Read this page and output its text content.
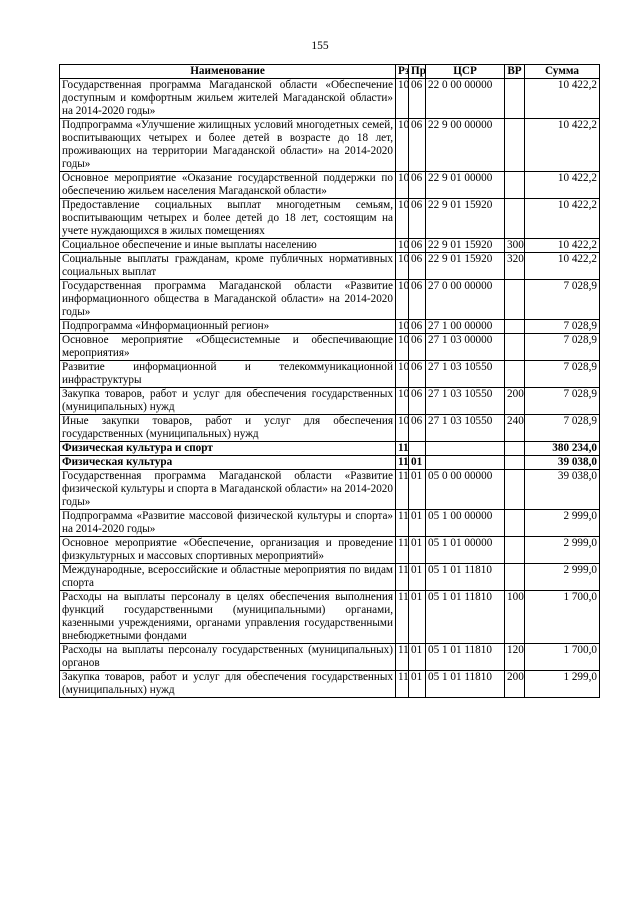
155
Наименование	Рз	Пр	ЦСР	ВР	Сумма
Государственная программа Магаданской области «Обеспечение доступным и комфортным жильем жителей Магаданской области» на 2014-2020 годы»	10	06	22 0 00 00000		10 422,2
Подпрограмма «Улучшение жилищных условий многодетных семей, воспитывающих четырех и более детей в возрасте до 18 лет, проживающих на территории Магаданской области» на 2014-2020 годы»	10	06	22 9 00 00000		10 422,2
Основное мероприятие «Оказание государственной поддержки по обеспечению жильем населения Магаданской области»	10	06	22 9 01 00000		10 422,2
Предоставление социальных выплат многодетным семьям, воспитывающим четырех и более детей до 18 лет, состоящим на учете нуждающихся в жилых помещениях	10	06	22 9 01 15920		10 422,2
Социальное обеспечение и иные выплаты населению	10	06	22 9 01 15920	300	10 422,2
Социальные выплаты гражданам, кроме публичных нормативных социальных выплат	10	06	22 9 01 15920	320	10 422,2
Государственная программа Магаданской области «Развитие информационного общества в Магаданской области» на 2014-2020 годы»	10	06	27 0 00 00000		7 028,9
Подпрограмма «Информационный регион»	10	06	27 1 00 00000		7 028,9
Основное мероприятие «Общесистемные и обеспечивающие мероприятия»	10	06	27 1 03 00000		7 028,9
Развитие информационной и телекоммуникационной инфраструктуры	10	06	27 1 03 10550		7 028,9
Закупка товаров, работ и услуг для обеспечения государственных (муниципальных) нужд	10	06	27 1 03 10550	200	7 028,9
Иные закупки товаров, работ и услуг для обеспечения государственных (муниципальных) нужд	10	06	27 1 03 10550	240	7 028,9
Физическая культура и спорт	11				380 234,0
Физическая культура	11	01			39 038,0
Государственная программа Магаданской области «Развитие физической культуры и спорта в Магаданской области» на 2014-2020 годы»	11	01	05 0 00 00000		39 038,0
Подпрограмма «Развитие массовой физической культуры и спорта» на 2014-2020 годы»	11	01	05 1 00 00000		2 999,0
Основное мероприятие «Обеспечение, организация и проведение физкультурных и массовых спортивных мероприятий»	11	01	05 1 01 00000		2 999,0
Международные, всероссийские и областные мероприятия по видам спорта	11	01	05 1 01 11810		2 999,0
Расходы на выплаты персоналу в целях обеспечения выполнения функций государственными (муниципальными) органами, казенными учреждениями, органами управления государственными внебюджетными фондами	11	01	05 1 01 11810	100	1 700,0
Расходы на выплаты персоналу государственных (муниципальных) органов	11	01	05 1 01 11810	120	1 700,0
Закупка товаров, работ и услуг для обеспечения государственных (муниципальных) нужд	11	01	05 1 01 11810	200	1 299,0
